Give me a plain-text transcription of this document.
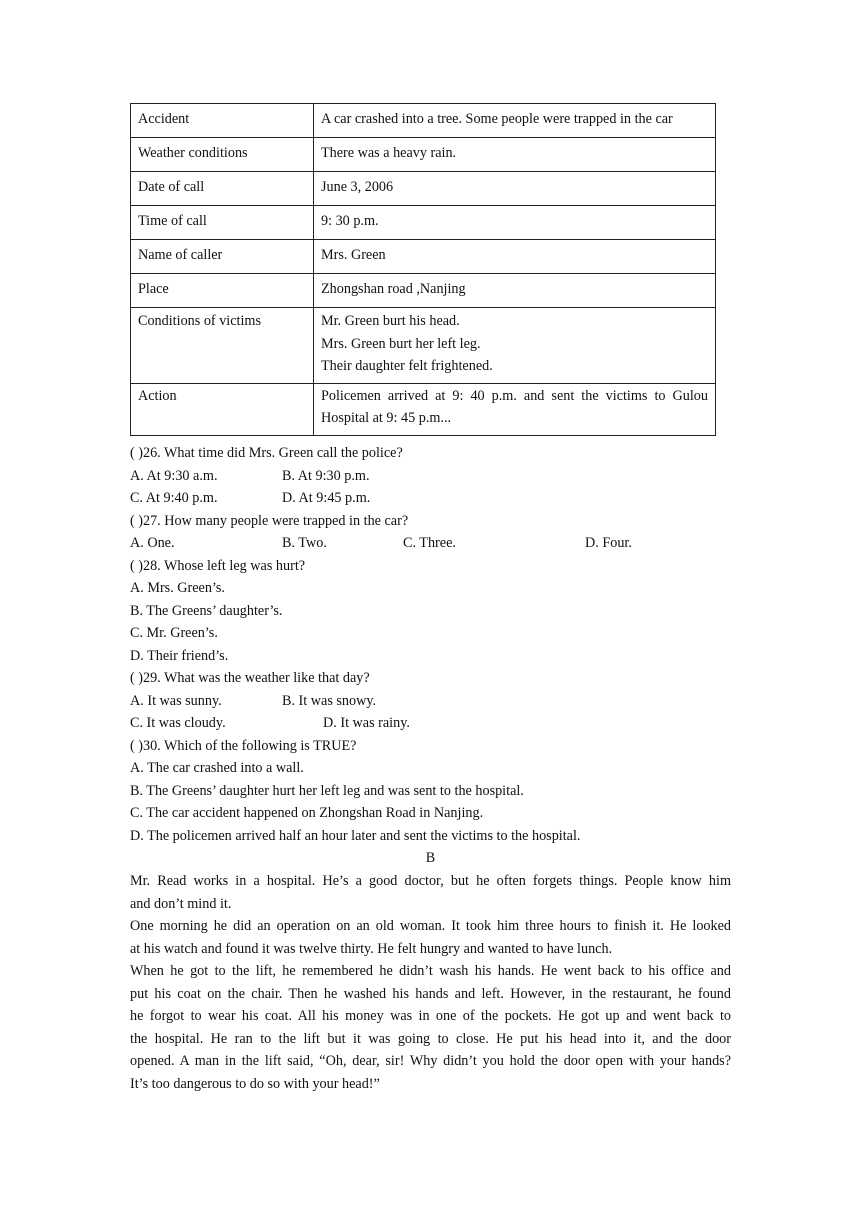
Accident	A car crashed into a tree. Some people were trapped in the car

Weather conditions	There was a heavy rain.

Date of call	June 3, 2006

Time of call	9: 30 p.m.

Name of caller	Mrs. Green

Place	Zhongshan road ,Nanjing

Conditions of victims	Mr. Green burt his head.
Mrs. Green burt her left leg.
Their daughter felt frightened.

Action	Policemen arrived at 9: 40 p.m. and sent the victims to Gulou
Hospital at 9: 45 p.m...
( )26. What time did Mrs. Green call the police?
A. At 9:30 a.m.	B. At 9:30 p.m.
C. At 9:40 p.m.	D. At 9:45 p.m.
( )27. How many people were trapped in the car?
A. One.	B. Two.	C. Three.	D. Four.
( )28. Whose left leg was hurt?
A. Mrs. Green’s.
B. The Greens’ daughter’s.
C. Mr. Green’s.
D. Their friend’s.
( )29. What was the weather like that day?
A. It was sunny.	B. It was snowy.
C. It was cloudy.	D. It was rainy.
( )30. Which of the following is TRUE?
A. The car crashed into a wall.
B. The Greens’ daughter hurt her left leg and was sent to the hospital.
C. The car accident happened on Zhongshan Road in Nanjing.
D. The policemen arrived half an hour later and sent the victims to the hospital.
B
Mr. Read works in a hospital. He’s a good doctor, but he often forgets things. People know him
and don’t mind it.
One morning he did an operation on an old woman. It took him three hours to finish it. He looked
at his watch and found it was twelve thirty. He felt hungry and wanted to have lunch.
When he got to the lift, he remembered he didn’t wash his hands. He went back to his office and
put his coat on the chair. Then he washed his hands and left. However, in the restaurant, he found
he forgot to wear his coat. All his money was in one of the pockets. He got up and went back to
the hospital. He ran to the lift but it was going to close. He put his head into it, and the door
opened. A man in the lift said, “Oh, dear, sir! Why didn’t you hold the door open with your hands?
It’s too dangerous to do so with your head!”
